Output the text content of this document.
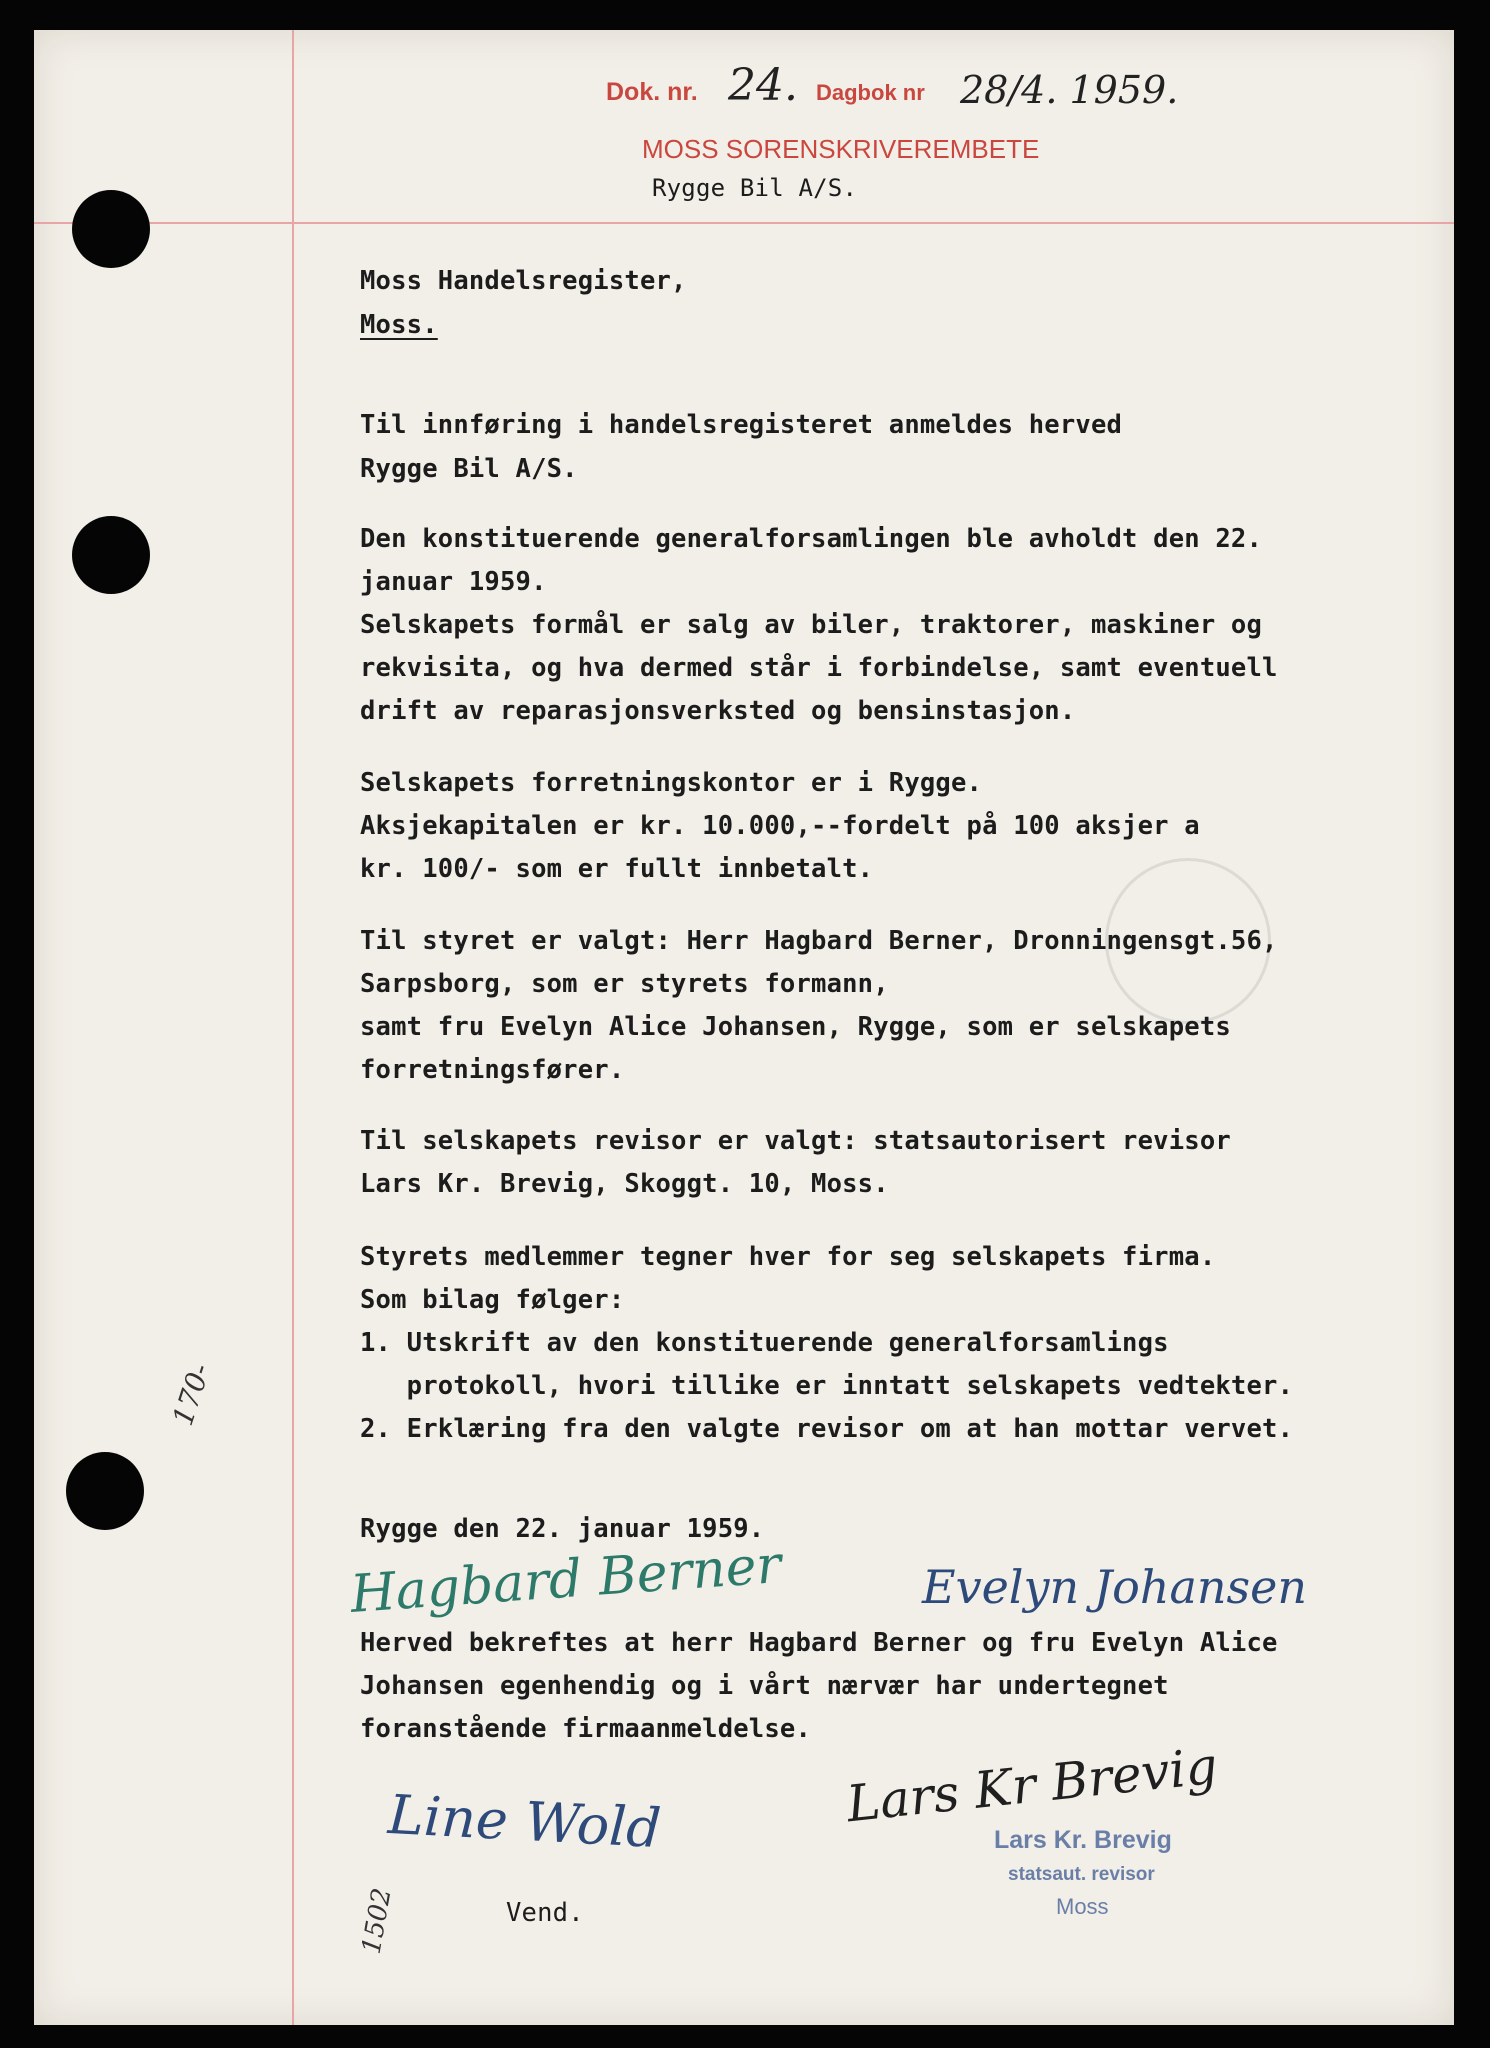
Dok. nr. 24. Dagbok nr 28/4. 1959.
MOSS SORENSKRIVEREMBETE
Rygge Bil A/S.
Moss Handelsregister,
Moss.
Til innføring i handelsregisteret anmeldes herved
Rygge Bil A/S.
Den konstituerende generalforsamlingen ble avholdt den 22.
januar 1959.
Selskapets formål er salg av biler, traktorer, maskiner og
rekvisita, og hva dermed står i forbindelse, samt eventuell
drift av reparasjonsverksted og bensinstasjon.
Selskapets forretningskontor er i Rygge.
Aksjekapitalen er kr. 10.000,--fordelt på 100 aksjer a
kr. 100/- som er fullt innbetalt.
Til styret er valgt: Herr Hagbard Berner, Dronningensgt.56,
Sarpsborg, som er styrets formann,
samt fru Evelyn Alice Johansen, Rygge, som er selskapets
forretningsfører.
Til selskapets revisor er valgt: statsautorisert revisor
Lars Kr. Brevig, Skoggt. 10, Moss.
Styrets medlemmer tegner hver for seg selskapets firma.
Som bilag følger:
1. Utskrift av den konstituerende generalforsamlings
protokoll, hvori tillike er inntatt selskapets vedtekter.
2. Erklæring fra den valgte revisor om at han mottar vervet.
170-
Rygge den 22. januar 1959.
Hagbard Berner	Evelyn Johansen
Herved bekreftes at herr Hagbard Berner og fru Evelyn Alice
Johansen egenhendig og i vårt nærvær har undertegnet
foranstående firmaanmeldelse.
Line Wold	Lars Kr Brevig
Lars Kr. Brevig
statsaut. revisor
Moss
1502	Vend.
